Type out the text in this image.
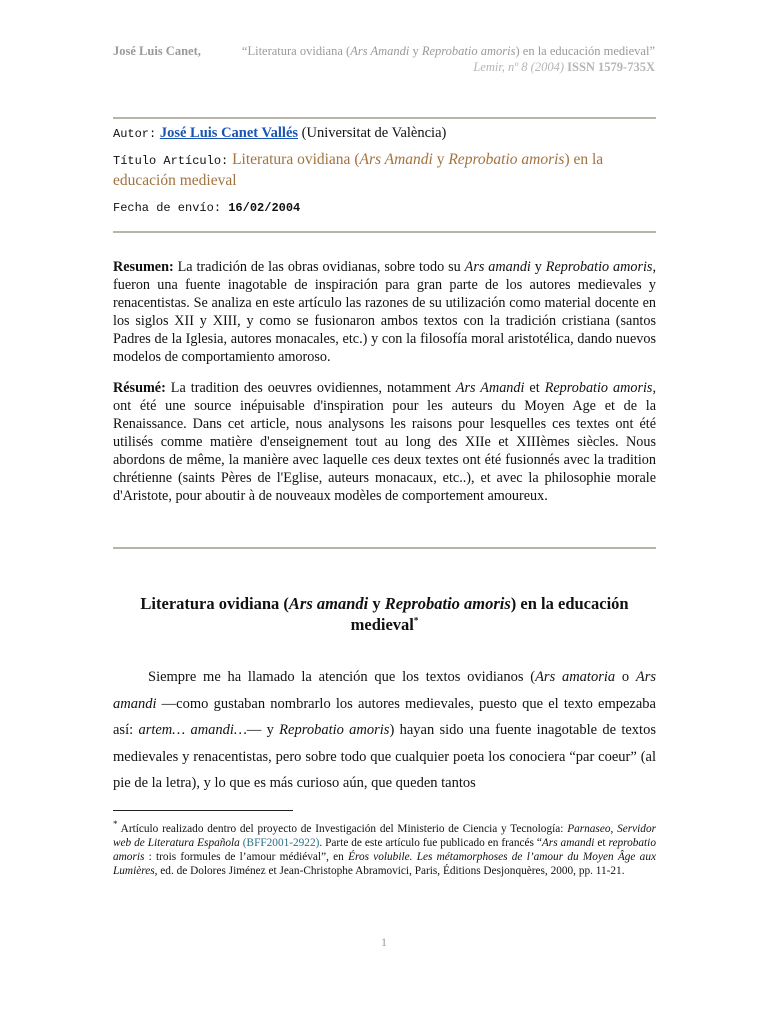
José Luis Canet,	“Literatura ovidiana (Ars Amandi y Reprobatio amoris) en la educación medieval”
Lemir, nº 8 (2004) ISSN 1579-735X
Autor: José Luis Canet Vallés (Universitat de València)
Título Artículo: Literatura ovidiana (Ars Amandi y Reprobatio amoris) en la educación medieval
Fecha de envío: 16/02/2004
Resumen: La tradición de las obras ovidianas, sobre todo su Ars amandi y Reprobatio amoris, fueron una fuente inagotable de inspiración para gran parte de los autores medievales y renacentistas. Se analiza en este artículo las razones de su utilización como material docente en los siglos XII y XIII, y como se fusionaron ambos textos con la tradición cristiana (santos Padres de la Iglesia, autores monacales, etc.) y con la filosofía moral aristotélica, dando nuevos modelos de comportamiento amoroso.
Résumé: La tradition des oeuvres ovidiennes, notamment Ars Amandi et Reprobatio amoris, ont été une source inépuisable d'inspiration pour les auteurs du Moyen Age et de la Renaissance. Dans cet article, nous analysons les raisons pour lesquelles ces textes ont été utilisés comme matière d'enseignement tout au long des XIIe et XIIIèmes siècles. Nous abordons de même, la manière avec laquelle ces deux textes ont été fusionnés avec la tradition chrétienne (saints Pères de l'Eglise, auteurs monacaux, etc..), et avec la philosophie morale d'Aristote, pour aboutir à de nouveaux modèles de comportement amoureux.
Literatura ovidiana (Ars amandi y Reprobatio amoris) en la educación medieval*

Siempre me ha llamado la atención que los textos ovidianos (Ars amatoria o Ars amandi —como gustaban nombrarlo los autores medievales, puesto que el texto empezaba así: artem… amandi…— y Reprobatio amoris) hayan sido una fuente inagotable de textos medievales y renacentistas, pero sobre todo que cualquier poeta los conociera “par coeur” (al pie de la letra), y lo que es más curioso aún, que queden tantos

* Artículo realizado dentro del proyecto de Investigación del Ministerio de Ciencia y Tecnología: Parnaseo, Servidor web de Literatura Española (BFF2001-2922). Parte de este artículo fue publicado en francés “Ars amandi et reprobatio amoris : trois formules de l’amour médiéval”, en Éros volubile. Les métamorphoses de l’amour du Moyen Âge aux Lumières, ed. de Dolores Jiménez et Jean-Christophe Abramovici, Paris, Éditions Desjonquères, 2000, pp. 11-21.
1
